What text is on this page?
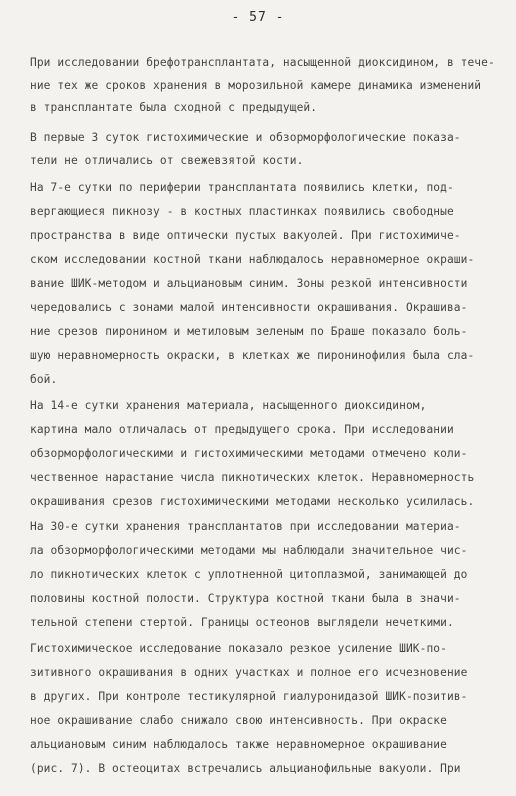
- 57 -
При исследовании брефотрансплантата, насыщенной диоксидином, в тече-
ние тех же сроков хранения в морозильной камере динамика изменений
в трансплантате была сходной с предыдущей.
В первые 3 суток гистохимические и обзорморфологические показа-
тели не отличались от свежевзятой кости.
На 7-е сутки по периферии трансплантата появились клетки, под-
вергающиеся пикнозу - в костных пластинках появились свободные
пространства в виде оптически пустых вакуолей. При гистохимиче-
ском исследовании костной ткани наблюдалось неравномерное окраши-
вание ШИК-методом и альциановым синим. Зоны резкой интенсивности
чередовались с зонами малой интенсивности окрашивания. Окрашива-
ние срезов пиронином и метиловым зеленым по Браше показало боль-
шую неравномерность окраски, в клетках же пиронинофилия была сла-
бой.
На 14-е сутки хранения материала, насыщенного диоксидином,
картина мало отличалась от предыдущего срока. При исследовании
обзорморфологическими и гистохимическими методами отмечено коли-
чественное нарастание числа пикнотических клеток. Неравномерность
окрашивания срезов гистохимическими методами несколько усилилась.
На 30-е сутки хранения трансплантатов при исследовании материа-
ла обзорморфологическими методами мы наблюдали значительное чис-
ло пикнотических клеток с уплотненной цитоплазмой, занимающей до
половины костной полости. Структура костной ткани была в значи-
тельной степени стертой. Границы остеонов выглядели нечеткими.
Гистохимическое исследование показало резкое усиление ШИК-по-
зитивного окрашивания в одних участках и полное его исчезновение
в других. При контроле тестикулярной гиалуронидазой ШИК-позитив-
ное окрашивание слабо снижало свою интенсивность. При окраске
альциановым синим наблюдалось также неравномерное окрашивание
(рис. 7). В остеоцитах встречались альцианофильные вакуоли. При
